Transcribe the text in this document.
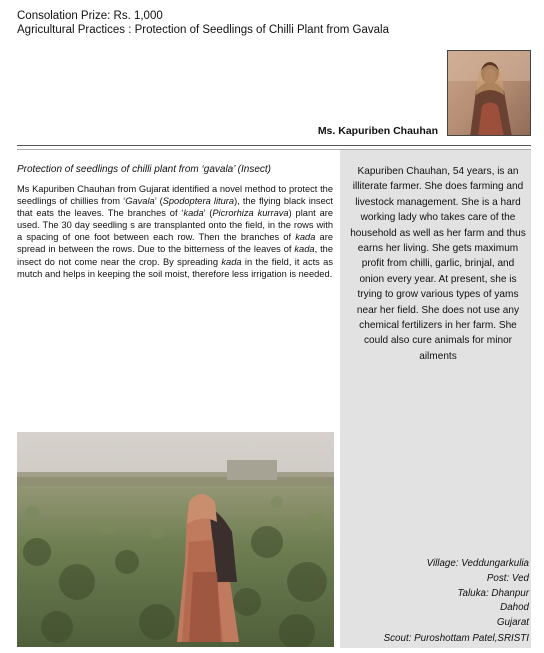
Consolation Prize: Rs. 1,000
Agricultural Practices : Protection of Seedlings of Chilli Plant from Gavala
Ms. Kapuriben Chauhan
Protection of seedlings of chilli plant from ‘gavala’ (Insect)
Ms Kapuriben Chauhan from Gujarat identified a novel method to protect the seedlings of chillies from ‘Gavala’ (Spodoptera litura), the flying black insect that eats the leaves. The branches of ‘kada’ (Picrorhiza kurrava) plant are used. The 30 day seedling s are transplanted onto the field, in the rows with a spacing of one foot between each row. Then the branches of kada are spread in between the rows. Due to the bitterness of the leaves of kada, the insect do not come near the crop. By spreading kada in the field, it acts as mutch and helps in keeping the soil moist, therefore less irrigation is needed.
Kapuriben Chauhan, 54 years, is an illiterate farmer. She does farming and livestock management. She is a hard working lady who takes care of the household as well as her farm and thus earns her living. She gets maximum profit from chilli, garlic, brinjal, and onion every year. At present, she is trying to grow various types of yams near her field. She does not use any chemical fertilizers in her farm. She could also cure animals for minor ailments
Village: Veddungarkulia
Post: Ved
Taluka: Dhanpur
Dahod
Gujarat
Scout: Puroshottam Patel,SRISTI
